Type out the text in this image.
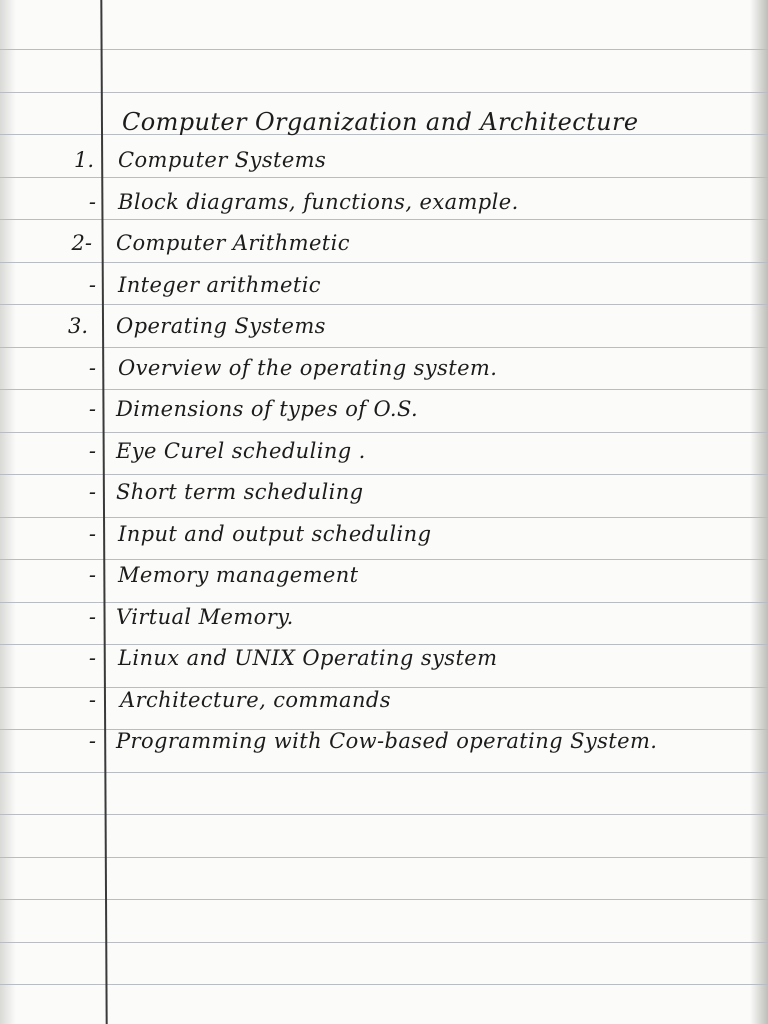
Computer Organization and Architecture
1. Computer Systems
- Block diagrams, functions, example.
2- Computer Arithmetic
- Integer arithmetic
3. Operating Systems
- Overview of the operating system.
- Dimensions of types of O.S.
- Eye Curel scheduling .
- Short term scheduling
- Input and output scheduling
- Memory management
- Virtual Memory.
- Linux and UNIX Operating system
- Architecture, commands
- Programming with Cow-based operating System.
